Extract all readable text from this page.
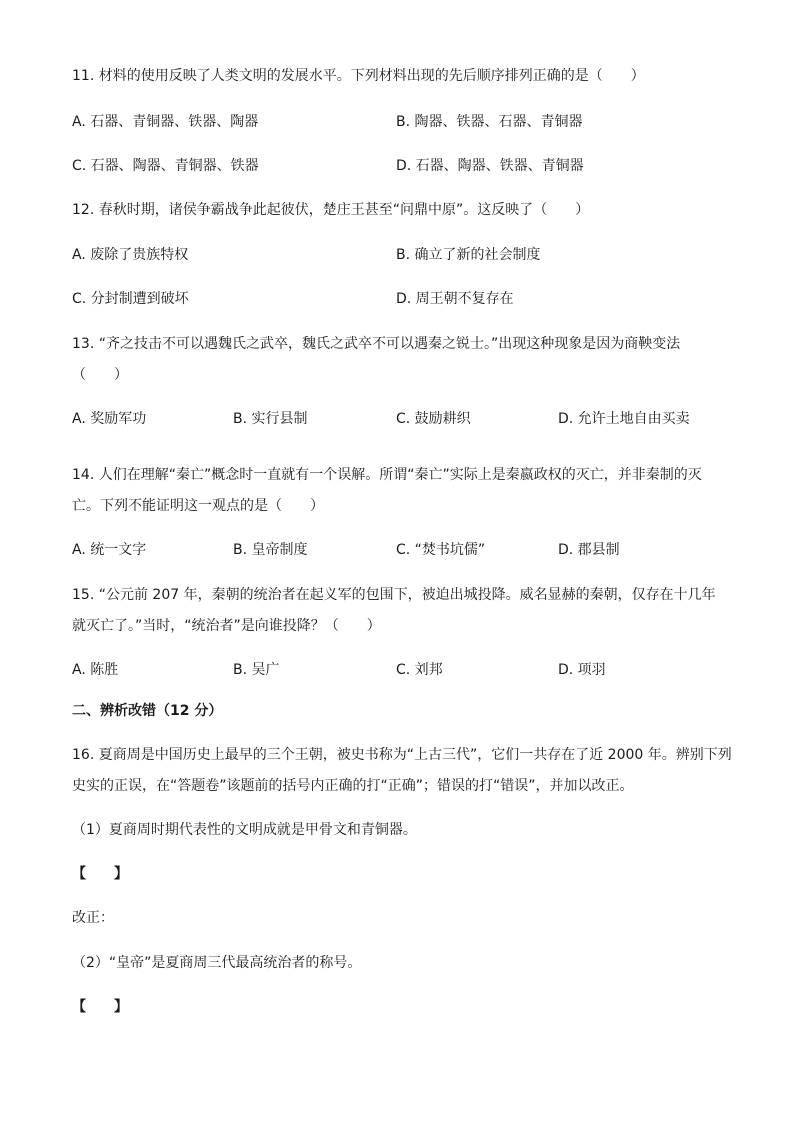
11. 材料的使用反映了人类文明的发展水平。下列材料出现的先后顺序排列正确的是（　　）
A. 石器、青铜器、铁器、陶器	B. 陶器、铁器、石器、青铜器
C. 石器、陶器、青铜器、铁器	D. 石器、陶器、铁器、青铜器
12. 春秋时期，诸侯争霸战争此起彼伏，楚庄王甚至“问鼎中原”。这反映了（　　）
A. 废除了贵族特权	B. 确立了新的社会制度
C. 分封制遭到破坏	D. 周王朝不复存在
13. “齐之技击不可以遇魏氏之武卒，魏氏之武卒不可以遇秦之锐士。”出现这种现象是因为商鞅变法
（　　）
A. 奖励军功	B. 实行县制	C. 鼓励耕织	D. 允许土地自由买卖
14. 人们在理解“秦亡”概念时一直就有一个误解。所谓“秦亡”实际上是秦嬴政权的灭亡，并非秦制的灭
亡。下列不能证明这一观点的是（　　）
A. 统一文字	B. 皇帝制度	C. “焚书坑儒”	D. 郡县制
15. “公元前 207 年，秦朝的统治者在起义军的包围下，被迫出城投降。威名显赫的秦朝，仅存在十几年
就灭亡了。”当时，“统治者”是向谁投降？（　　）
A. 陈胜	B. 吴广	C. 刘邦	D. 项羽
二、辨析改错（12 分）
16. 夏商周是中国历史上最早的三个王朝，被史书称为“上古三代”，它们一共存在了近 2000 年。辨别下列
史实的正误，在“答题卷”该题前的括号内正确的打“正确”；错误的打“错误”，并加以改正。
（1）夏商周时期代表性的文明成就是甲骨文和青铜器。
【　　】
改正：
（2）“皇帝”是夏商周三代最高统治者的称号。
【　　】
